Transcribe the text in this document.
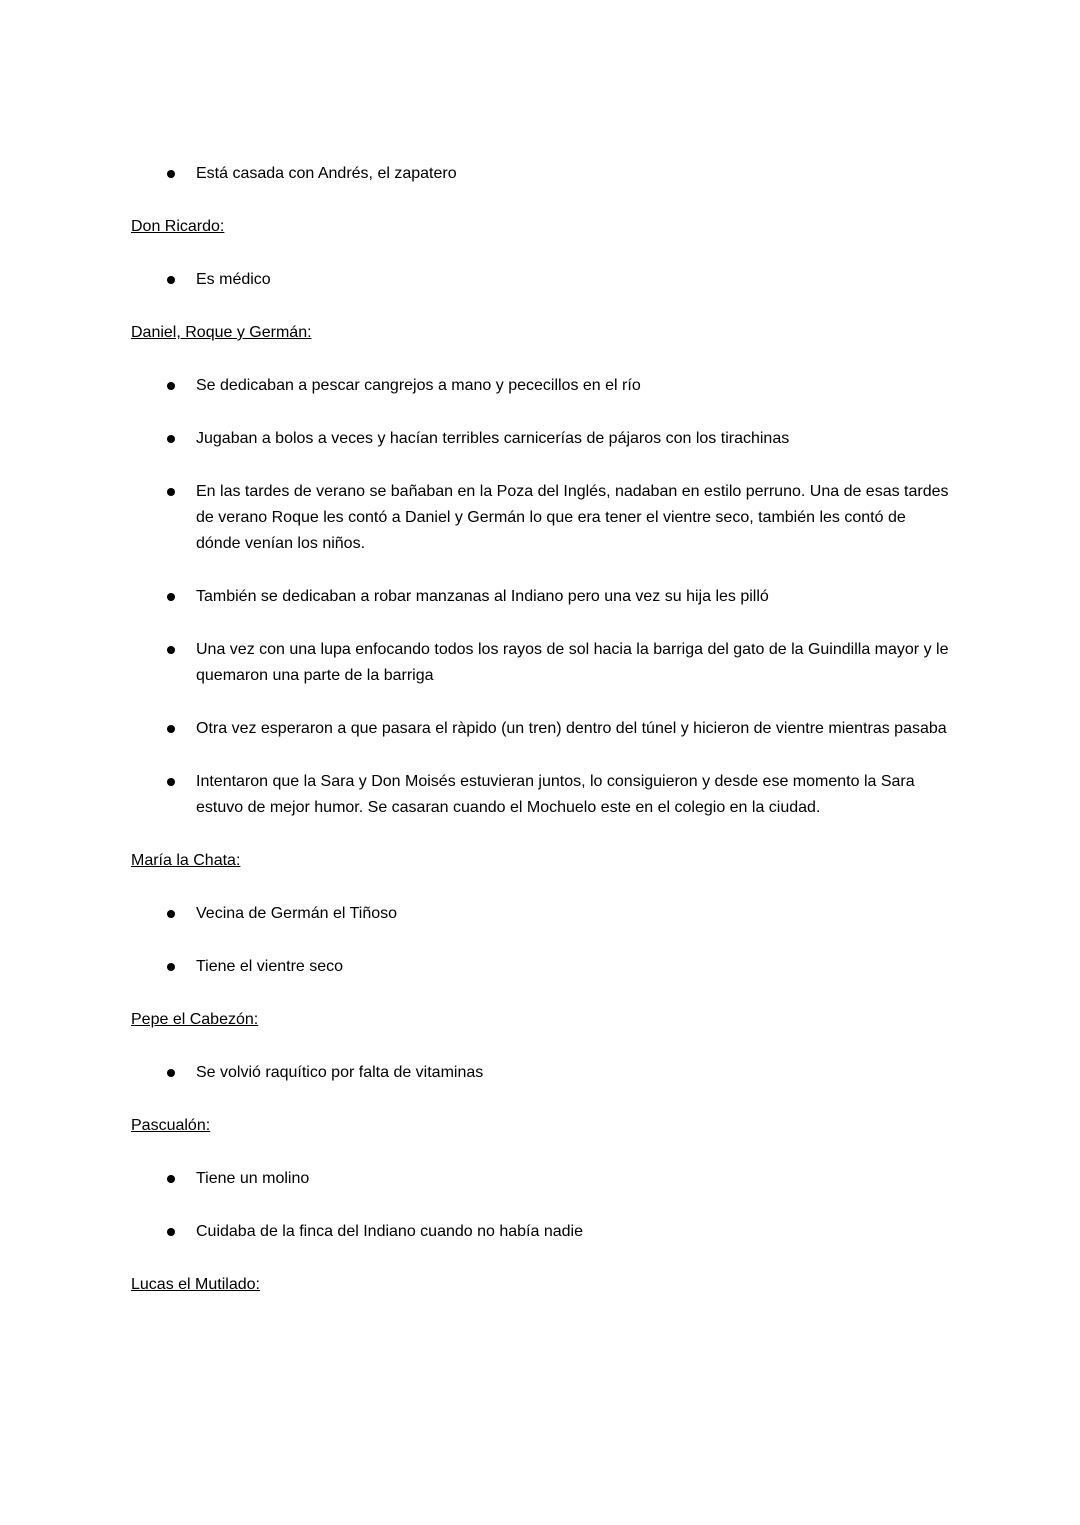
Está casada con Andrés, el zapatero
Don Ricardo:
Es médico
Daniel, Roque y Germán:
Se dedicaban a pescar cangrejos a mano y pececillos en el río
Jugaban a bolos a veces y hacían terribles carnicerías de pájaros con los tirachinas
En las tardes de verano se bañaban en la Poza del Inglés, nadaban en estilo perruno. Una de esas tardes de verano Roque les contó a Daniel y Germán lo que era tener el vientre seco, también les contó de dónde venían los niños.
También se dedicaban a robar manzanas al Indiano pero una vez su hija les pilló
Una vez con una lupa enfocando todos los rayos de sol hacia la barriga del gato de la Guindilla mayor y le quemaron una parte de la barriga
Otra vez esperaron a que pasara el ràpido (un tren) dentro del túnel y hicieron de vientre mientras pasaba
Intentaron que la Sara y Don Moisés estuvieran juntos, lo consiguieron y desde ese momento la Sara estuvo de mejor humor. Se casaran cuando el Mochuelo este en el colegio en la ciudad.
María la Chata:
Vecina de Germán el Tiñoso
Tiene el vientre seco
Pepe el Cabezón:
Se volvió raquítico por falta de vitaminas
Pascualón:
Tiene un molino
Cuidaba de la finca del Indiano cuando no había nadie
Lucas el Mutilado:
